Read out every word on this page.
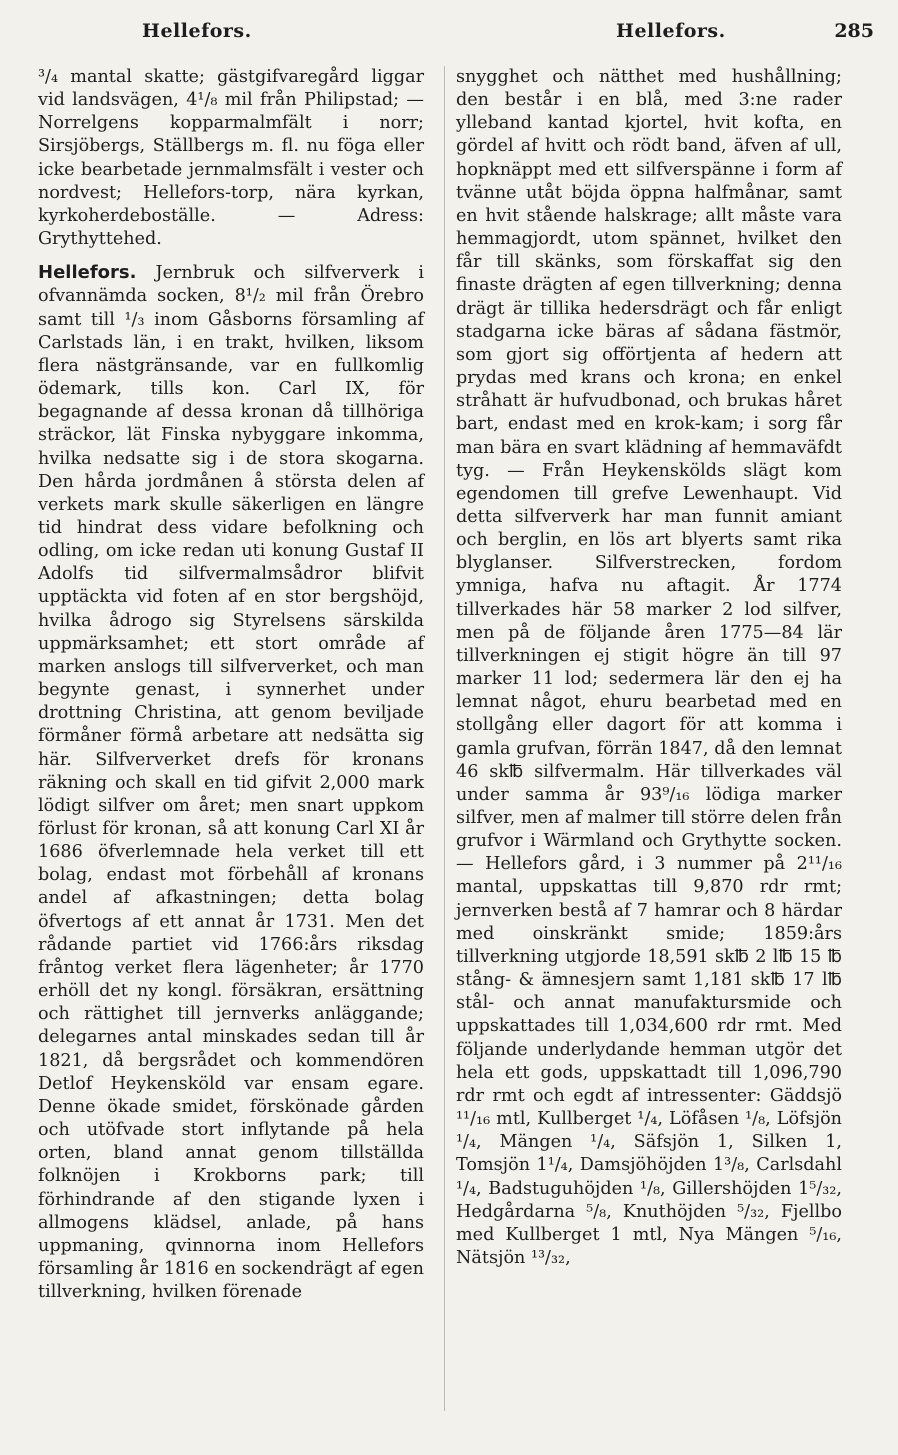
Hellefors.	Hellefors.	285

³/₄ mantal skatte; gästgifvaregård liggar vid landsvägen, 4¹/₈ mil från Philipstad; — Norrelgens kopparmalmfält i norr; Sirsjöbergs, Ställbergs m. fl. nu föga eller icke bearbetade jernmalmsfält i vester och nordvest; Hellefors-torp, nära kyrkan, kyrkoherdeboställe. — Adress: Grythyttehed.

Hellefors. Jernbruk och silfververk i ofvannämda socken, 8¹/₂ mil från Örebro samt till ¹/₃ inom Gåsborns församling af Carlstads län, i en trakt, hvilken, liksom flera nästgränsande, var en fullkomlig ödemark, tills kon. Carl IX, för begagnande af dessa kronan då tillhöriga sträckor, lät Finska nybyggare inkomma, hvilka nedsatte sig i de stora skogarna. Den hårda jordmånen å största delen af verkets mark skulle säkerligen en längre tid hindrat dess vidare befolkning och odling, om icke redan uti konung Gustaf II Adolfs tid silfvermalmsådror blifvit upptäckta vid foten af en stor bergshöjd, hvilka ådrogo sig Styrelsens särskilda uppmärksamhet; ett stort område af marken anslogs till silfververket, och man begynte genast, i synnerhet under drottning Christina, att genom beviljade förmåner förmå arbetare att nedsätta sig här. Silfververket drefs för kronans räkning och skall en tid gifvit 2,000 mark lödigt silfver om året; men snart uppkom förlust för kronan, så att konung Carl XI år 1686 öfverlemnade hela verket till ett bolag, endast mot förbehåll af kronans andel af afkastningen; detta bolag öfvertogs af ett annat år 1731. Men det rådande partiet vid 1766:års riksdag fråntog verket flera lägenheter; år 1770 erhöll det ny kongl. försäkran, ersättning och rättighet till jernverks anläggande; delegarnes antal minskades sedan till år 1821, då bergsrådet och kommendören Detlof Heykensköld var ensam egare. Denne ökade smidet, förskönade gården och utöfvade stort inflytande på hela orten, bland annat genom tillställda folknöjen i Krokborns park; till förhindrande af den stigande lyxen i allmogens klädsel, anlade, på hans uppmaning, qvinnorna inom Hellefors församling år 1816 en sockendrägt af egen tillverkning, hvilken förenade

snygghet och nätthet med hushållning; den består i en blå, med 3:ne rader ylleband kantad kjortel, hvit kofta, en gördel af hvitt och rödt band, äfven af ull, hopknäppt med ett silfverspänne i form af tvänne utåt böjda öppna halfmånar, samt en hvit stående halskrage; allt måste vara hemmagjordt, utom spännet, hvilket den får till skänks, som förskaffat sig den finaste drägten af egen tillverkning; denna drägt är tillika hedersdrägt och får enligt stadgarna icke bäras af sådana fästmör, som gjort sig offörtjenta af hedern att prydas med krans och krona; en enkel stråhatt är hufvudbonad, och brukas håret bart, endast med en krok-kam; i sorg får man bära en svart klädning af hemmaväfdt tyg. — Från Heykenskölds slägt kom egendomen till grefve Lewenhaupt. Vid detta silfververk har man funnit amiant och berglin, en lös art blyerts samt rika blyglanser. Silfverstrecken, fordom ymniga, hafva nu aftagit. År 1774 tillverkades här 58 marker 2 lod silfver, men på de följande åren 1775—84 lär tillverkningen ej stigit högre än till 97 marker 11 lod; sedermera lär den ej ha lemnat något, ehuru bearbetad med en stollgång eller dagort för att komma i gamla grufvan, förrän 1847, då den lemnat 46 sk℔ silfvermalm. Här tillverkades väl under samma år 93⁹/₁₆ lödiga marker silfver, men af malmer till större delen från grufvor i Wärmland och Grythytte socken. — Hellefors gård, i 3 nummer på 2¹¹/₁₆ mantal, uppskattas till 9,870 rdr rmt; jernverken bestå af 7 hamrar och 8 härdar med oinskränkt smide; 1859:års tillverkning utgjorde 18,591 sk℔ 2 l℔ 15 ℔ stång- & ämnesjern samt 1,181 sk℔ 17 l℔ stål- och annat manufaktursmide och uppskattades till 1,034,600 rdr rmt. Med följande underlydande hemman utgör det hela ett gods, uppskattadt till 1,096,790 rdr rmt och egdt af intressenter: Gäddsjö ¹¹/₁₆ mtl, Kullberget ¹/₄, Löfåsen ¹/₈, Löfsjön ¹/₄, Mängen ¹/₄, Säfsjön 1, Silken 1, Tomsjön 1¹/₄, Damsjöhöjden 1³/₈, Carlsdahl ¹/₄, Badstuguhöjden ¹/₈, Gillershöjden 1⁵/₃₂, Hedgårdarna ⁵/₈, Knuthöjden ⁵/₃₂, Fjellbo med Kullberget 1 mtl, Nya Mängen ⁵/₁₆, Nätsjön ¹³/₃₂,
